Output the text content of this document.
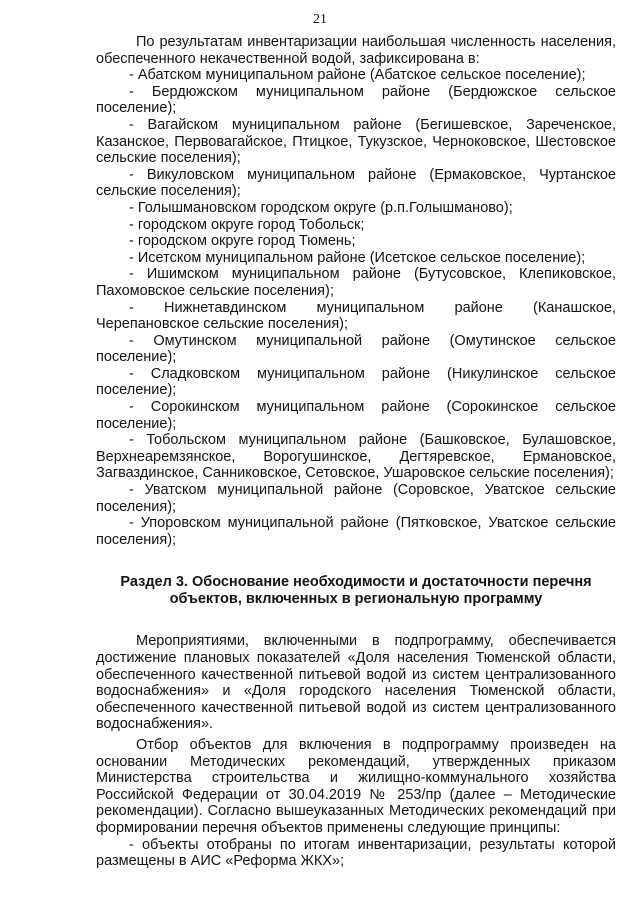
21

По результатам инвентаризации наибольшая численность населения, обеспеченного некачественной водой, зафиксирована в:

- Абатском муниципальном районе (Абатское сельское поселение);

- Бердюжском муниципальном районе (Бердюжское сельское поселение);

- Вагайском муниципальном районе (Бегишевское, Зареченское, Казанское, Первовагайское, Птицкое, Тукузское, Черноковское, Шестовское сельские поселения);

- Викуловском муниципальном районе (Ермаковское, Чуртанское сельские поселения);

- Голышмановском городском округе (р.п.Голышманово);

- городском округе город Тобольск;

- городском округе город Тюмень;

- Исетском муниципальном районе (Исетское сельское поселение);

- Ишимском муниципальном районе (Бутусовское, Клепиковское, Пахомовское сельские поселения);

- Нижнетавдинском муниципальном районе (Канашское, Черепановское сельские поселения);

- Омутинском муниципальной районе (Омутинское сельское поселение);

- Сладковском муниципальном районе (Никулинское сельское поселение);

- Сорокинском муниципальном районе (Сорокинское сельское поселение);

- Тобольском муниципальном районе (Башковское, Булашовское, Верхнеаремзянское, Ворогушинское, Дегтяревское, Ермановское, Загваздинское, Санниковское, Сетовское, Ушаровское сельские поселения);

- Уватском муниципальной районе (Соровское, Уватское сельские поселения);

- Упоровском муниципальной районе (Пятковское, Уватское сельские поселения);

Раздел 3. Обоснование необходимости и достаточности перечня
объектов, включенных в региональную программу

Мероприятиями, включенными в подпрограмму, обеспечивается достижение плановых показателей «Доля населения Тюменской области, обеспеченного качественной питьевой водой из систем централизованного водоснабжения» и «Доля городского населения Тюменской области, обеспеченного качественной питьевой водой из систем централизованного водоснабжения».

Отбор объектов для включения в подпрограмму произведен на основании Методических рекомендаций, утвержденных приказом Министерства строительства и жилищно-коммунального хозяйства Российской Федерации от 30.04.2019 № 253/пр (далее – Методические рекомендации). Согласно вышеуказанных Методических рекомендаций при формировании перечня объектов применены следующие принципы:

- объекты отобраны по итогам инвентаризации, результаты которой размещены в АИС «Реформа ЖКХ»;
